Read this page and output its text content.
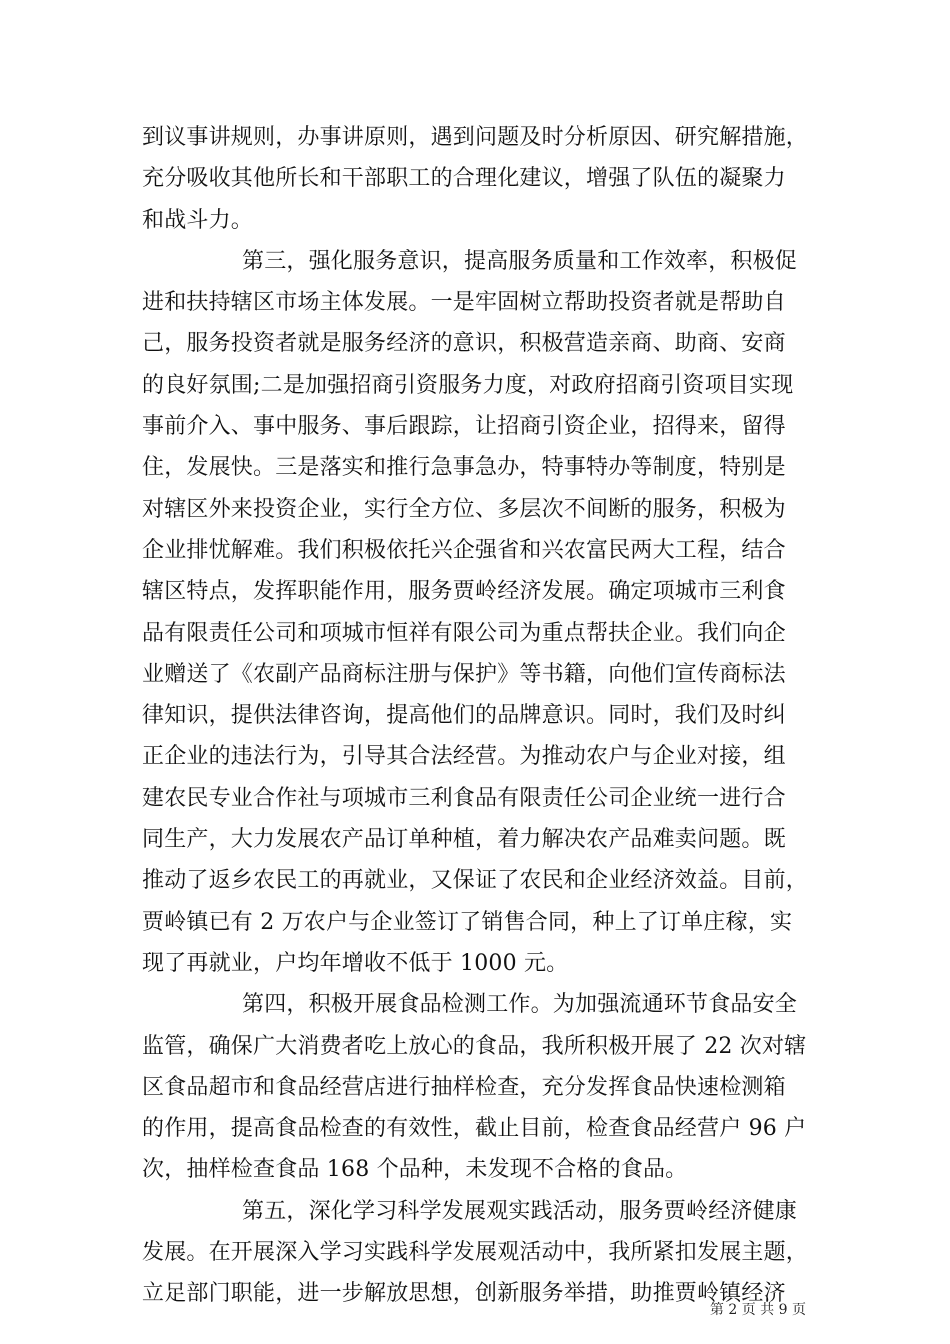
到议事讲规则，办事讲原则，遇到问题及时分析原因、研究解措施，
充分吸收其他所长和干部职工的合理化建议，增强了队伍的凝聚力
和战斗力。
第三，强化服务意识，提高服务质量和工作效率，积极促
进和扶持辖区市场主体发展。一是牢固树立帮助投资者就是帮助自
己，服务投资者就是服务经济的意识，积极营造亲商、助商、安商
的良好氛围;二是加强招商引资服务力度，对政府招商引资项目实现
事前介入、事中服务、事后跟踪，让招商引资企业，招得来，留得
住，发展快。三是落实和推行急事急办，特事特办等制度，特别是
对辖区外来投资企业，实行全方位、多层次不间断的服务，积极为
企业排忧解难。我们积极依托兴企强省和兴农富民两大工程，结合
辖区特点，发挥职能作用，服务贾岭经济发展。确定项城市三利食
品有限责任公司和项城市恒祥有限公司为重点帮扶企业。我们向企
业赠送了《农副产品商标注册与保护》等书籍，向他们宣传商标法
律知识，提供法律咨询，提高他们的品牌意识。同时，我们及时纠
正企业的违法行为，引导其合法经营。为推动农户与企业对接，组
建农民专业合作社与项城市三利食品有限责任公司企业统一进行合
同生产，大力发展农产品订单种植，着力解决农产品难卖问题。既
推动了返乡农民工的再就业，又保证了农民和企业经济效益。目前，
贾岭镇已有 2 万农户与企业签订了销售合同，种上了订单庄稼，实
现了再就业，户均年增收不低于 1000 元。
第四，积极开展食品检测工作。为加强流通环节食品安全
监管，确保广大消费者吃上放心的食品，我所积极开展了 22 次对辖
区食品超市和食品经营店进行抽样检查，充分发挥食品快速检测箱
的作用，提高食品检查的有效性，截止目前，检查食品经营户 96 户
次，抽样检查食品 168 个品种，未发现不合格的食品。
第五，深化学习科学发展观实践活动，服务贾岭经济健康
发展。在开展深入学习实践科学发展观活动中，我所紧扣发展主题，
立足部门职能，进一步解放思想，创新服务举措，助推贾岭镇经济
第 2 页 共 9 页
